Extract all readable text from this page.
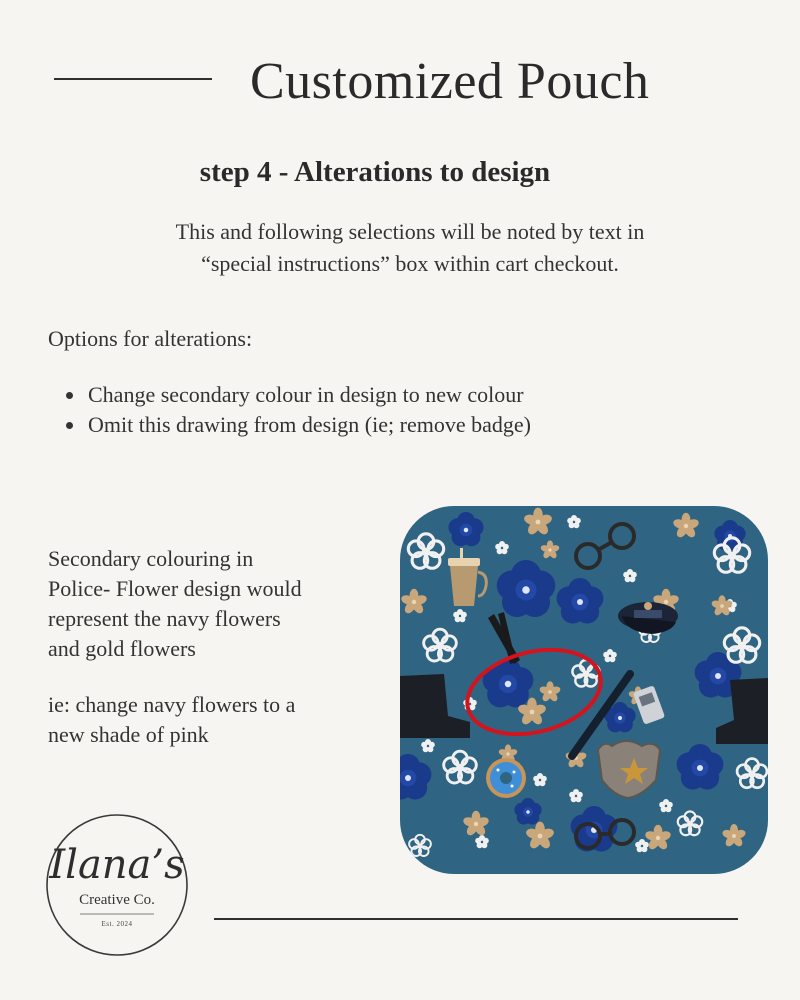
Customized Pouch
step 4 - Alterations to design
This and following selections will be noted by text in
“special instructions” box within cart checkout.
Options for alterations:
Change secondary colour in design to new colour
Omit this drawing from design (ie; remove badge)
Secondary colouring in
Police- Flower design would
represent the navy flowers
and gold flowers
ie: change navy flowers to a
new shade of pink
Ilana’s
Creative Co.
Est. 2024
